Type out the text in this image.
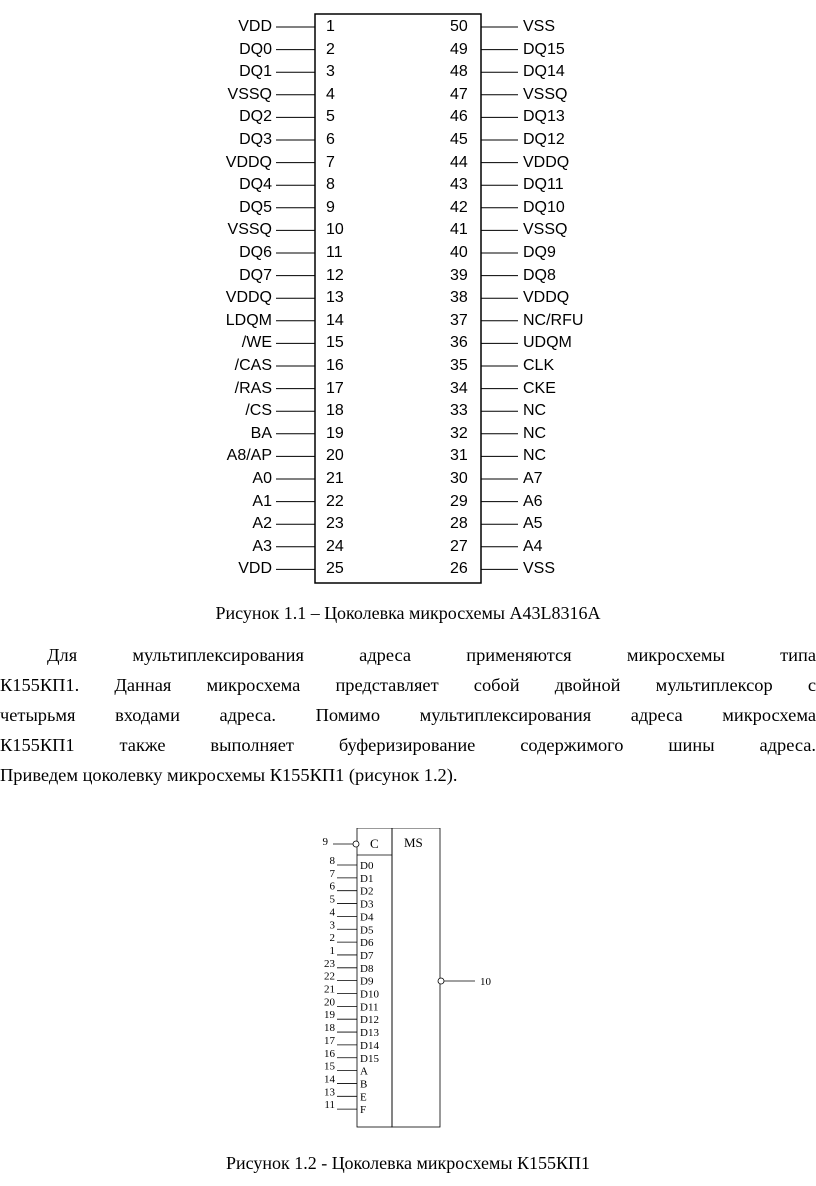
VDD	1
DQ0	2
DQ1	3
VSSQ	4
DQ2	5
DQ3	6
VDDQ	7
DQ4	8
DQ5	9
VSSQ	10
DQ6	11
DQ7	12
VDDQ	13
LDQM	14
/WE	15
/CAS	16
/RAS	17
/CS	18
BA	19
A8/AP	20
A0	21
A1	22
A2	23
A3	24
VDD	25
50	VSS
49	DQ15
48	DQ14
47	VSSQ
46	DQ13
45	DQ12
44	VDDQ
43	DQ11
42	DQ10
41	VSSQ
40	DQ9
39	DQ8
38	VDDQ
37	NC/RFU
36	UDQM
35	CLK
34	CKE
33	NC
32	NC
31	NC
30	A7
29	A6
28	A5
27	A4
26	VSS
Рисунок 1.1 – Цоколевка микросхемы A43L8316A
Для мультиплексирования адреса применяются микросхемы типа
К155КП1. Данная микросхема представляет собой двойной мультиплексор с
четырьмя входами адреса. Помимо мультиплексирования адреса микросхема
К155КП1 также выполняет буферизирование содержимого шины адреса.
Приведем цоколевку микросхемы К155КП1 (рисунок 1.2).
9	C MS
10
8 D0
7 D1
6 D2
5 D3
4 D4
3 D5
2 D6
1 D7
23 D8
22 D9
21 D10
20 D11
19 D12
18 D13
17 D14
16 D15
15 A
14 B
13 E
11 F
Рисунок 1.2 - Цоколевка микросхемы К155КП1
